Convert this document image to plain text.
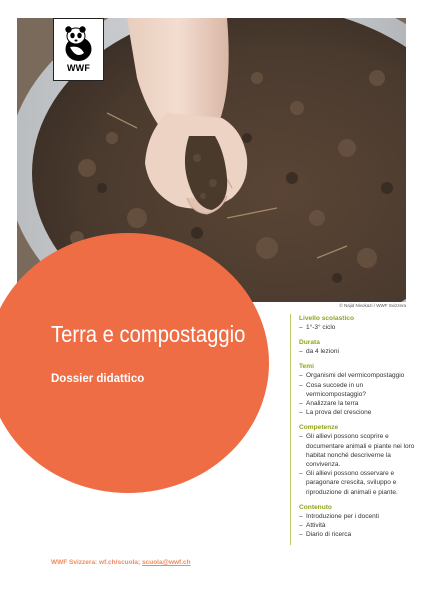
WWF
© Najid Nivokazi / WWF Svizzera
Terra e compostaggio
Dossier didattico
WWF Svizzera: wf.ch/scuola; scuola@wwf.ch
Livello scolastico
– 1°-3° ciclo
Durata
– da 4 lezioni
Temi
– Organismi del vermicompostaggio
– Cosa succede in un vermicompostaggio?
– Analizzare la terra
– La prova del crescione
Competenze
– Gli allievi possono scoprire e documentare animali e piante nei loro habitat nonché descriverne la convivenza.
– Gli allievi possono osservare e paragonare crescita, sviluppo e riproduzione di animali e piante.
Contenuto
– Introduzione per i docenti
– Attività
– Diario di ricerca
